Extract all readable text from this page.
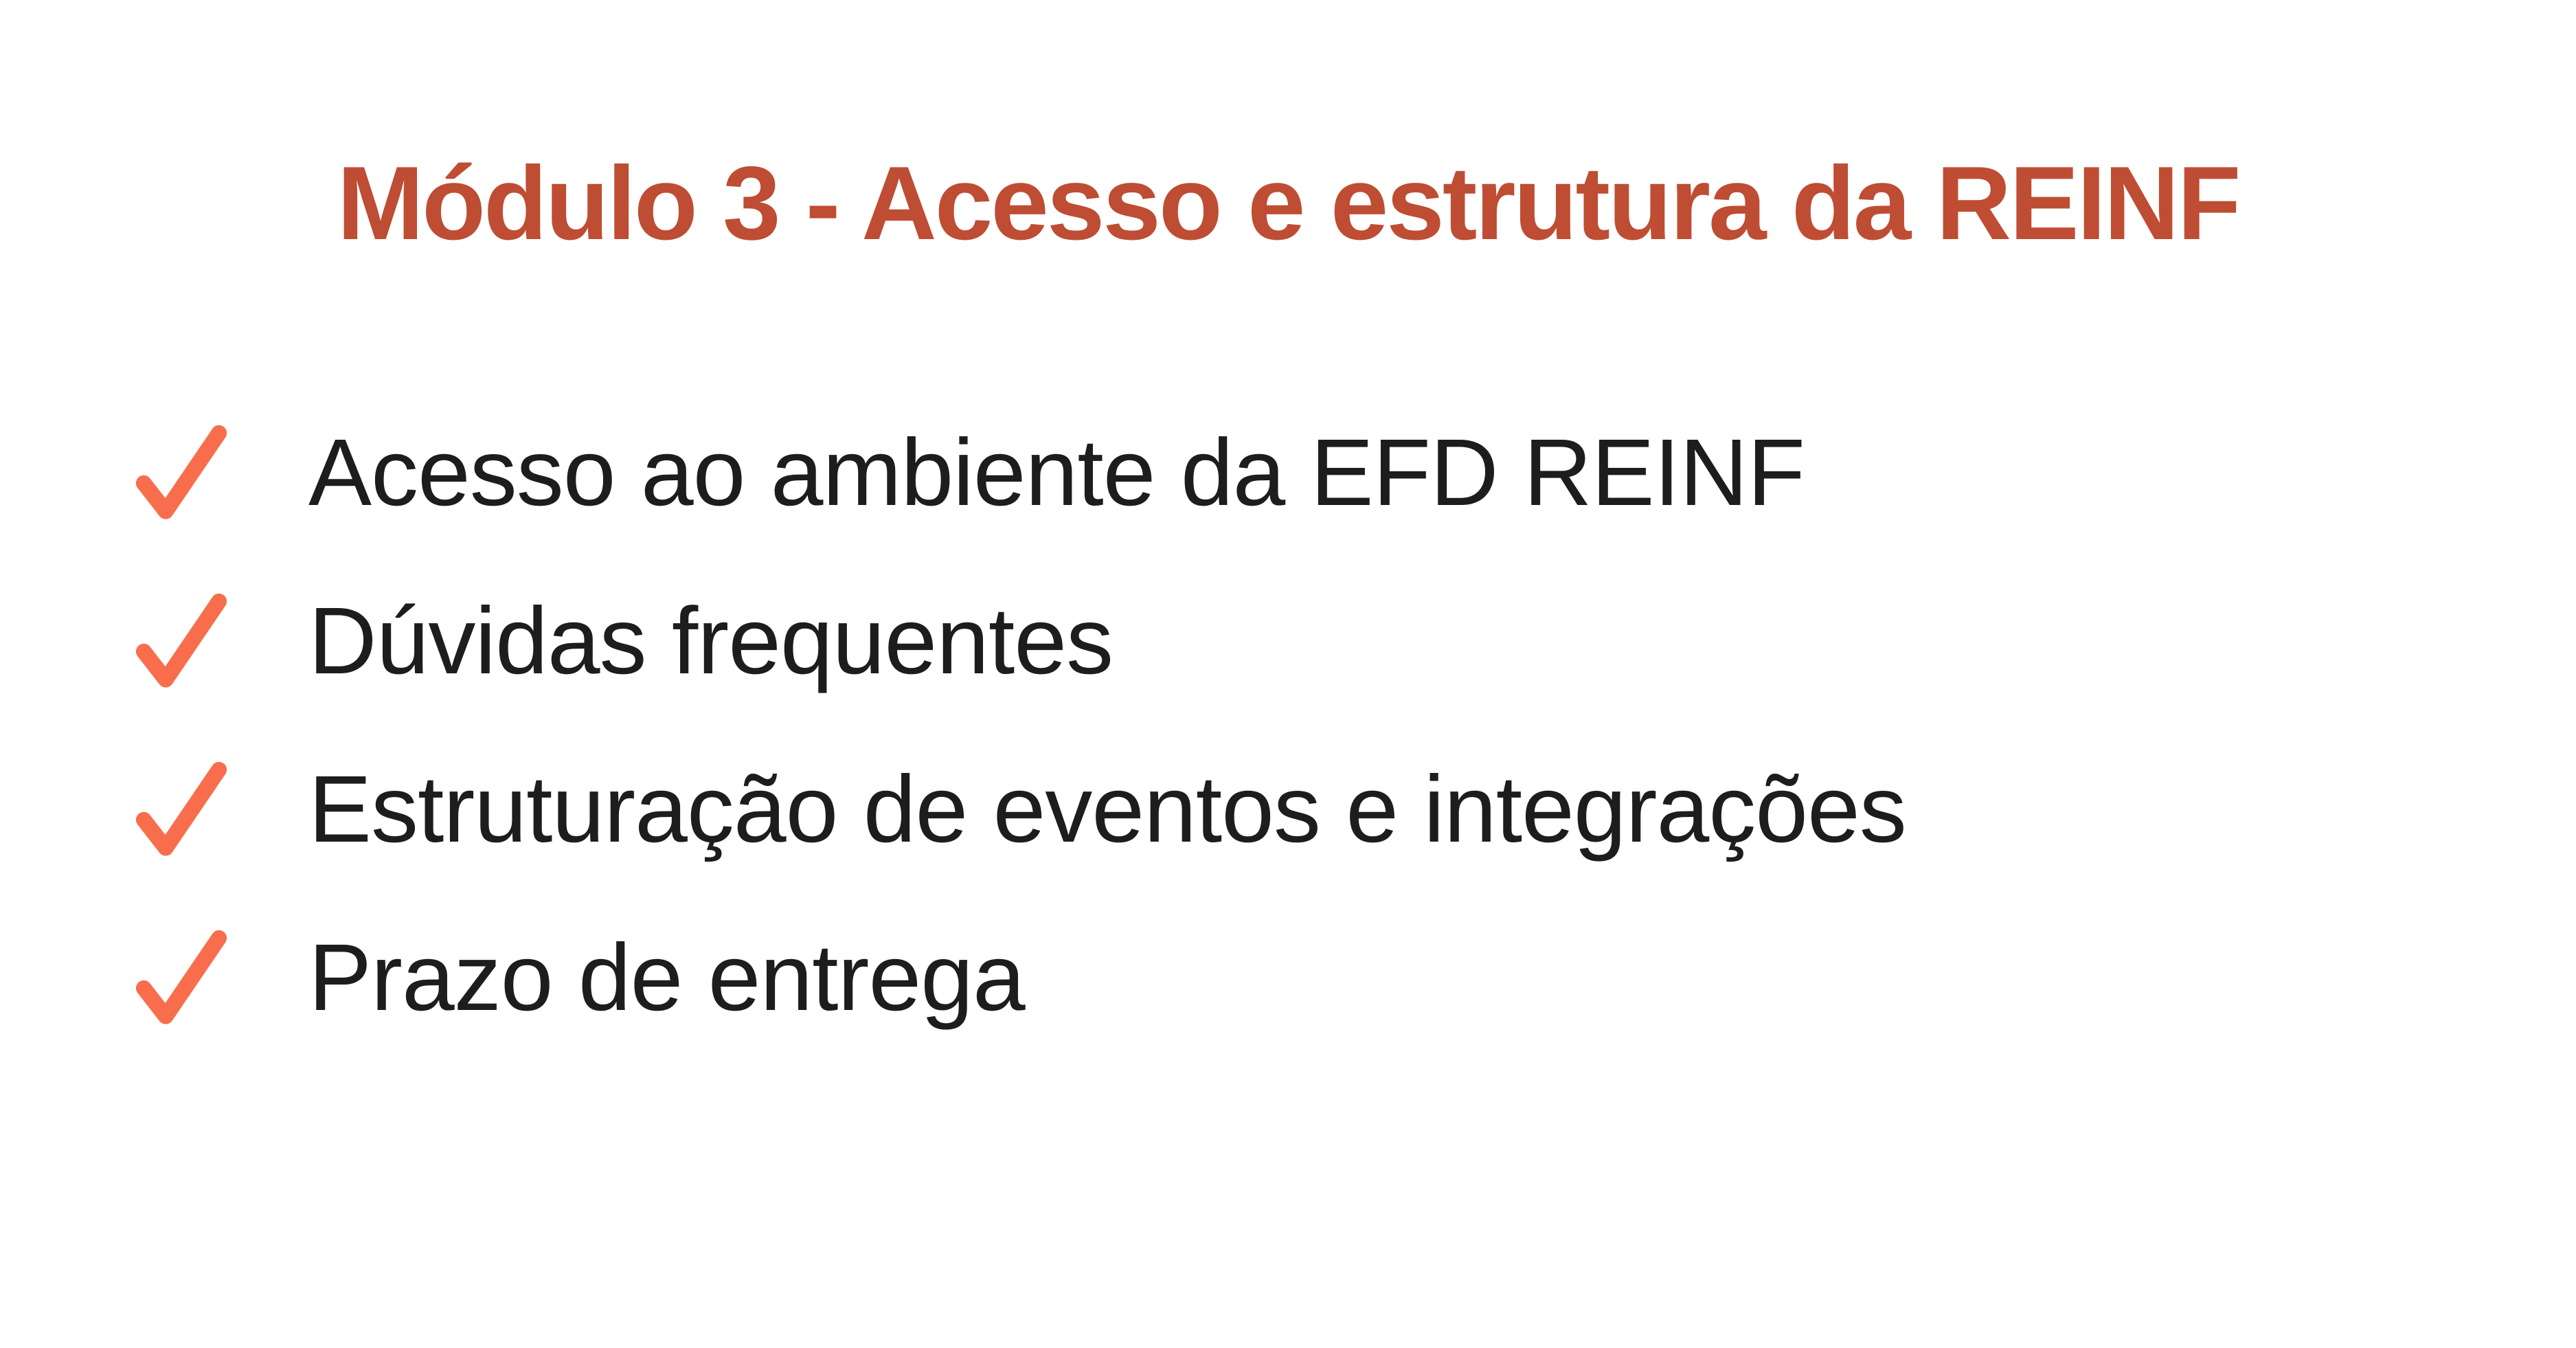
Módulo 3 - Acesso e estrutura da REINF
Acesso ao ambiente da EFD REINF
Dúvidas frequentes
Estruturação de eventos e integrações
Prazo de entrega
